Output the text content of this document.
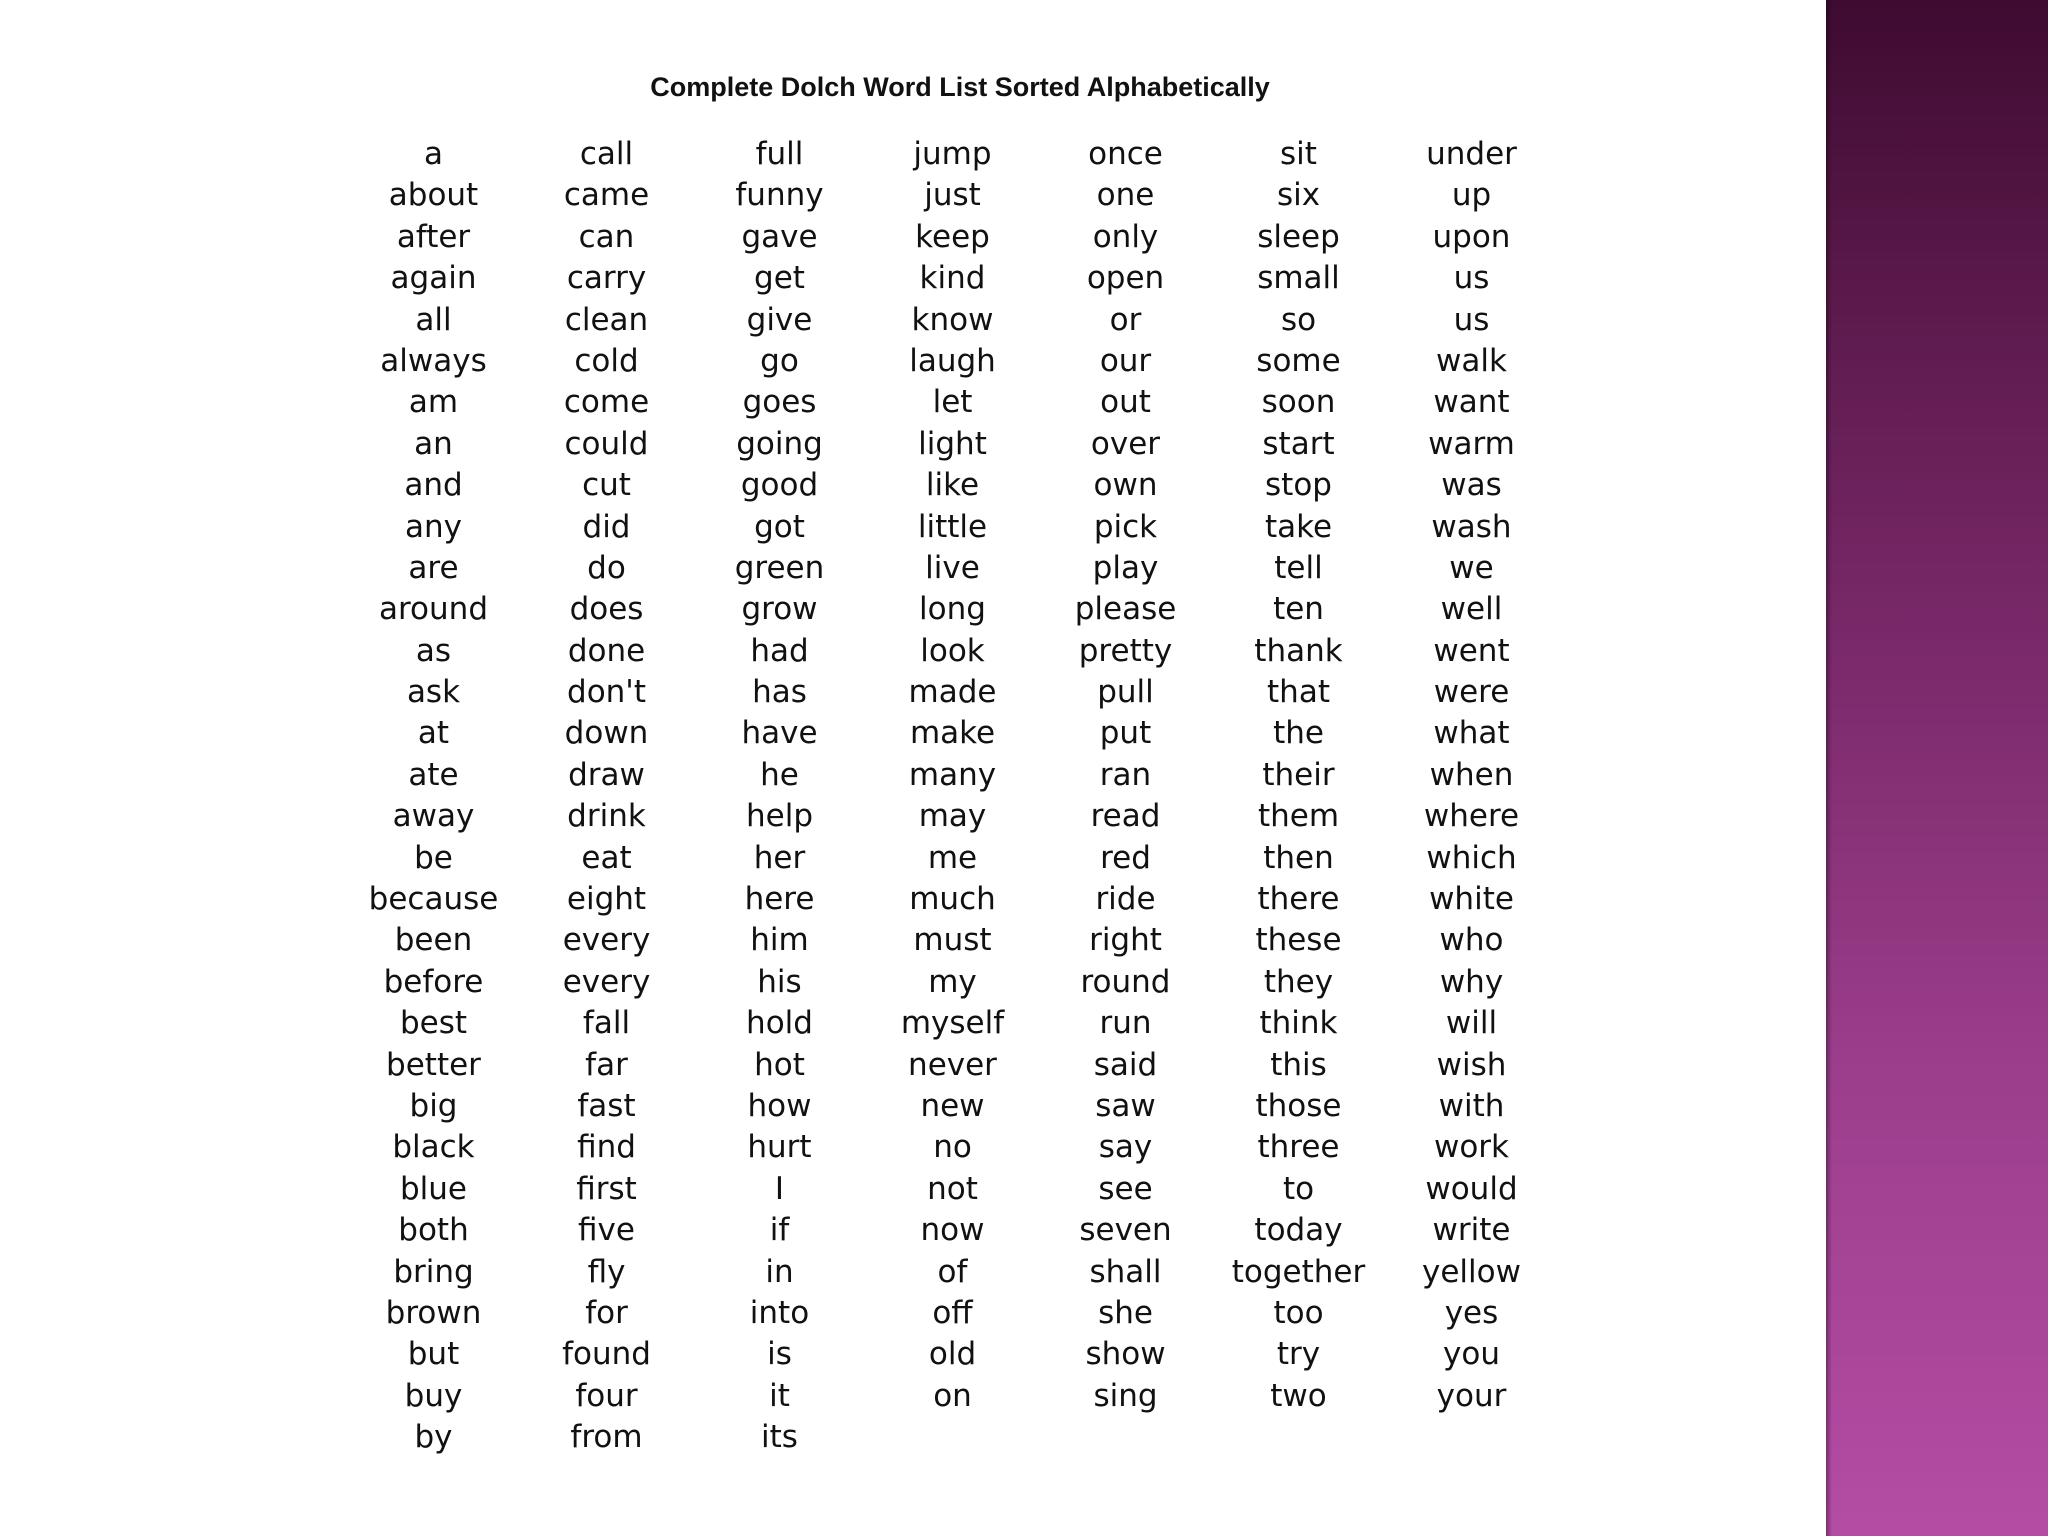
Complete Dolch Word List Sorted Alphabetically
a
about
after
again
all
always
am
an
and
any
are
around
as
ask
at
ate
away
be
because
been
before
best
better
big
black
blue
both
bring
brown
but
buy
by
call
came
can
carry
clean
cold
come
could
cut
did
do
does
done
don't
down
draw
drink
eat
eight
every
every
fall
far
fast
find
first
five
fly
for
found
four
from
full
funny
gave
get
give
go
goes
going
good
got
green
grow
had
has
have
he
help
her
here
him
his
hold
hot
how
hurt
I
if
in
into
is
it
its
jump
just
keep
kind
know
laugh
let
light
like
little
live
long
look
made
make
many
may
me
much
must
my
myself
never
new
no
not
now
of
off
old
on
once
one
only
open
or
our
out
over
own
pick
play
please
pretty
pull
put
ran
read
red
ride
right
round
run
said
saw
say
see
seven
shall
she
show
sing
sit
six
sleep
small
so
some
soon
start
stop
take
tell
ten
thank
that
the
their
them
then
there
these
they
think
this
those
three
to
today
together
too
try
two
under
up
upon
us
us
walk
want
warm
was
wash
we
well
went
were
what
when
where
which
white
who
why
will
wish
with
work
would
write
yellow
yes
you
your
